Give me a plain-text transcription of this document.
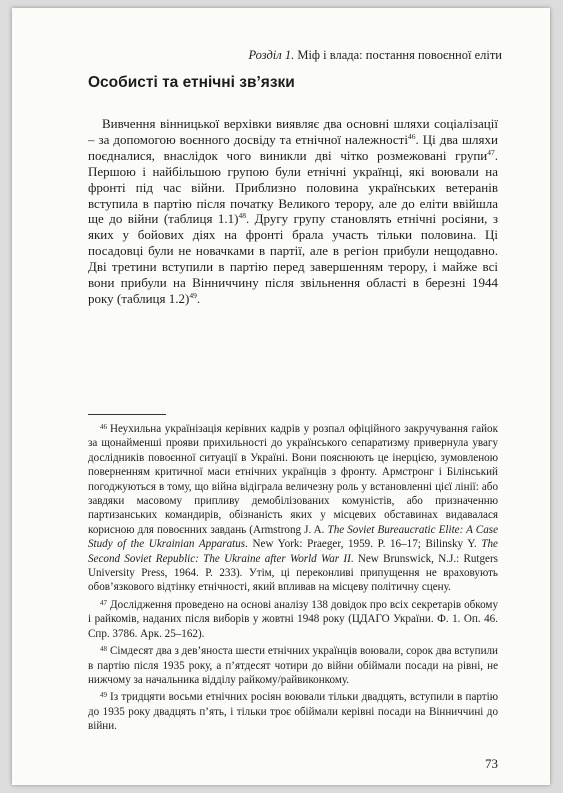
Розділ 1. Міф і влада: постання повоєнної еліти
Особисті та етнічні зв’язки

Вивчення вінницької верхівки виявляє два основні шляхи соціалізації – за допомогою воєнного досвіду та етнічної належності$^{46}$. Ці два шляхи поєдналися, внаслідок чого виникли дві чітко розмежовані групи$^{47}$. Першою і найбільшою групою були етнічні українці, які воювали на фронті під час війни. Приблизно половина українських ветеранів вступила в партію після початку Великого терору, але до еліти ввійшла ще до війни (таблиця 1.1)$^{48}$. Другу групу становлять етнічні росіяни, з яких у бойових діях на фронті брала участь тільки половина. Ці посадовці були не новачками в партії, але в регіон прибули нещодавно. Дві третини вступили в партію перед завершенням терору, і майже всі вони прибули на Вінниччину після звільнення області в березні 1944 року (таблиця 1.2)$^{49}$.

$^{46}$ Неухильна українізація керівних кадрів у розпал офіційного закручування гайок за щонайменші прояви прихильності до українського сепаратизму привернула увагу дослідників повоєнної ситуації в Україні. Вони пояснюють це інерцією, зумовленою поверненням критичної маси етнічних українців з фронту. Армстронг і Білінський погоджуються в тому, що війна відіграла величезну роль у встановленні цієї лінії: або завдяки масовому припливу демобілізованих комуністів, або призначенню партизанських командирів, обізнаність яких у місцевих обставинах видавалася корисною для повоєнних завдань (Armstrong J. A. The Soviet Bureaucratic Elite: A Case Study of the Ukrainian Apparatus. New York: Praeger, 1959. P. 16–17; Bilinsky Y. The Second Soviet Republic: The Ukraine after World War II. New Brunswick, N.J.: Rutgers University Press, 1964. P. 233). Утім, ці переконливі припущення не враховують обов’язкового відтінку етнічності, який впливав на місцеву політичну сцену.

$^{47}$ Дослідження проведено на основі аналізу 138 довідок про всіх секретарів обкому і райкомів, наданих після виборів у жовтні 1948 року (ЦДАГО України. Ф. 1. Оп. 46. Спр. 3786. Арк. 25–162).

$^{48}$ Сімдесят два з дев’яноста шести етнічних українців воювали, сорок два вступили в партію після 1935 року, а п’ятдесят чотири до війни обіймали посади на рівні, не нижчому за начальника відділу райкому/райвиконкому.

$^{49}$ Із тридцяти восьми етнічних росіян воювали тільки двадцять, вступили в партію до 1935 року двадцять п’ять, і тільки троє обіймали керівні посади на Вінниччині до війни.

73
